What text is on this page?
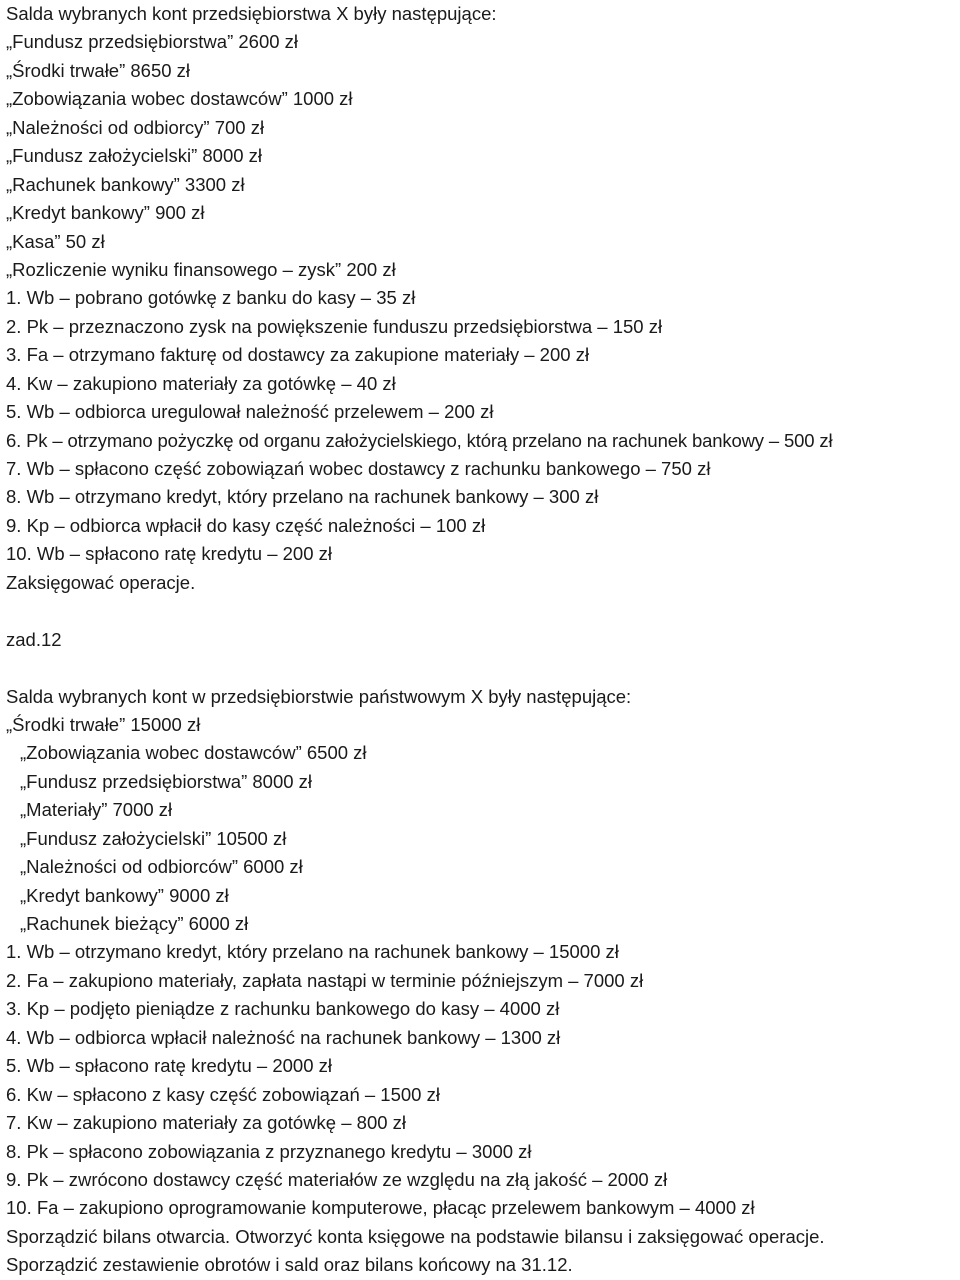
Salda wybranych kont przedsiębiorstwa X były następujące:
„Fundusz przedsiębiorstwa” 2600 zł
„Środki trwałe” 8650 zł
„Zobowiązania wobec dostawców” 1000 zł
„Należności od odbiorcy” 700 zł
„Fundusz założycielski” 8000 zł
„Rachunek bankowy” 3300 zł
„Kredyt bankowy” 900 zł
„Kasa” 50 zł
„Rozliczenie wyniku finansowego – zysk” 200 zł
1. Wb – pobrano gotówkę z banku do kasy – 35 zł
2. Pk – przeznaczono zysk na powiększenie funduszu przedsiębiorstwa – 150 zł
3. Fa – otrzymano fakturę od dostawcy za zakupione materiały – 200 zł
4. Kw – zakupiono materiały za gotówkę – 40 zł
5. Wb – odbiorca uregulował należność przelewem – 200 zł
6. Pk – otrzymano pożyczkę od organu założycielskiego, którą przelano na rachunek bankowy – 500 zł
7. Wb – spłacono część zobowiązań wobec dostawcy z rachunku bankowego – 750 zł
8. Wb – otrzymano kredyt, który przelano na rachunek bankowy – 300 zł
9. Kp – odbiorca wpłacił do kasy część należności – 100 zł
10. Wb – spłacono ratę kredytu – 200 zł
Zaksięgować operacje.
zad.12
Salda wybranych kont w przedsiębiorstwie państwowym X były następujące:
„Środki trwałe” 15000 zł
„Zobowiązania wobec dostawców” 6500 zł
„Fundusz przedsiębiorstwa” 8000 zł
„Materiały” 7000 zł
„Fundusz założycielski” 10500 zł
„Należności od odbiorców” 6000 zł
„Kredyt bankowy” 9000 zł
„Rachunek bieżący” 6000 zł
1. Wb – otrzymano kredyt, który przelano na rachunek bankowy – 15000 zł
2. Fa – zakupiono materiały, zapłata nastąpi w terminie późniejszym – 7000 zł
3. Kp – podjęto pieniądze z rachunku bankowego do kasy – 4000 zł
4. Wb – odbiorca wpłacił należność na rachunek bankowy – 1300 zł
5. Wb – spłacono ratę kredytu – 2000 zł
6. Kw – spłacono z kasy część zobowiązań – 1500 zł
7. Kw – zakupiono materiały za gotówkę – 800 zł
8. Pk – spłacono zobowiązania z przyznanego kredytu – 3000 zł
9. Pk – zwrócono dostawcy część materiałów ze względu na złą jakość – 2000 zł
10. Fa – zakupiono oprogramowanie komputerowe, płacąc przelewem bankowym – 4000 zł
Sporządzić bilans otwarcia. Otworzyć konta księgowe na podstawie bilansu i zaksięgować operacje.
Sporządzić zestawienie obrotów i sald oraz bilans końcowy na 31.12.
